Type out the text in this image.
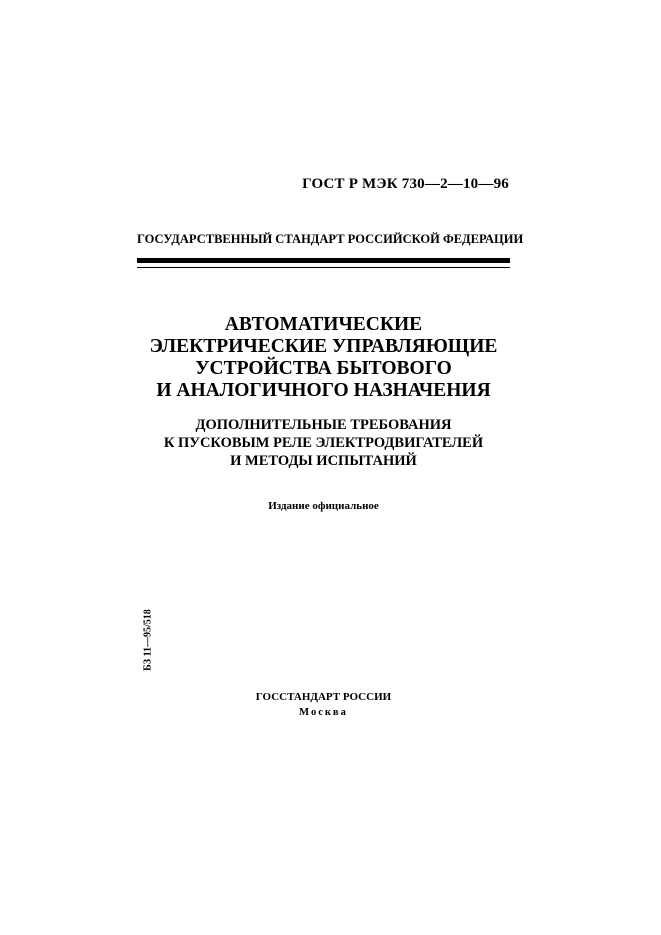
ГОСТ Р МЭК 730—2—10—96
ГОСУДАРСТВЕННЫЙ СТАНДАРТ РОССИЙСКОЙ ФЕДЕРАЦИИ
АВТОМАТИЧЕСКИЕ
ЭЛЕКТРИЧЕСКИЕ УПРАВЛЯЮЩИЕ
УСТРОЙСТВА БЫТОВОГО
И АНАЛОГИЧНОГО НАЗНАЧЕНИЯ
ДОПОЛНИТЕЛЬНЫЕ ТРЕБОВАНИЯ
К ПУСКОВЫМ РЕЛЕ ЭЛЕКТРОДВИГАТЕЛЕЙ
И МЕТОДЫ ИСПЫТАНИЙ
Издание официальное
БЗ 11—95/518
ГОССТАНДАРТ РОССИИ
Москва
